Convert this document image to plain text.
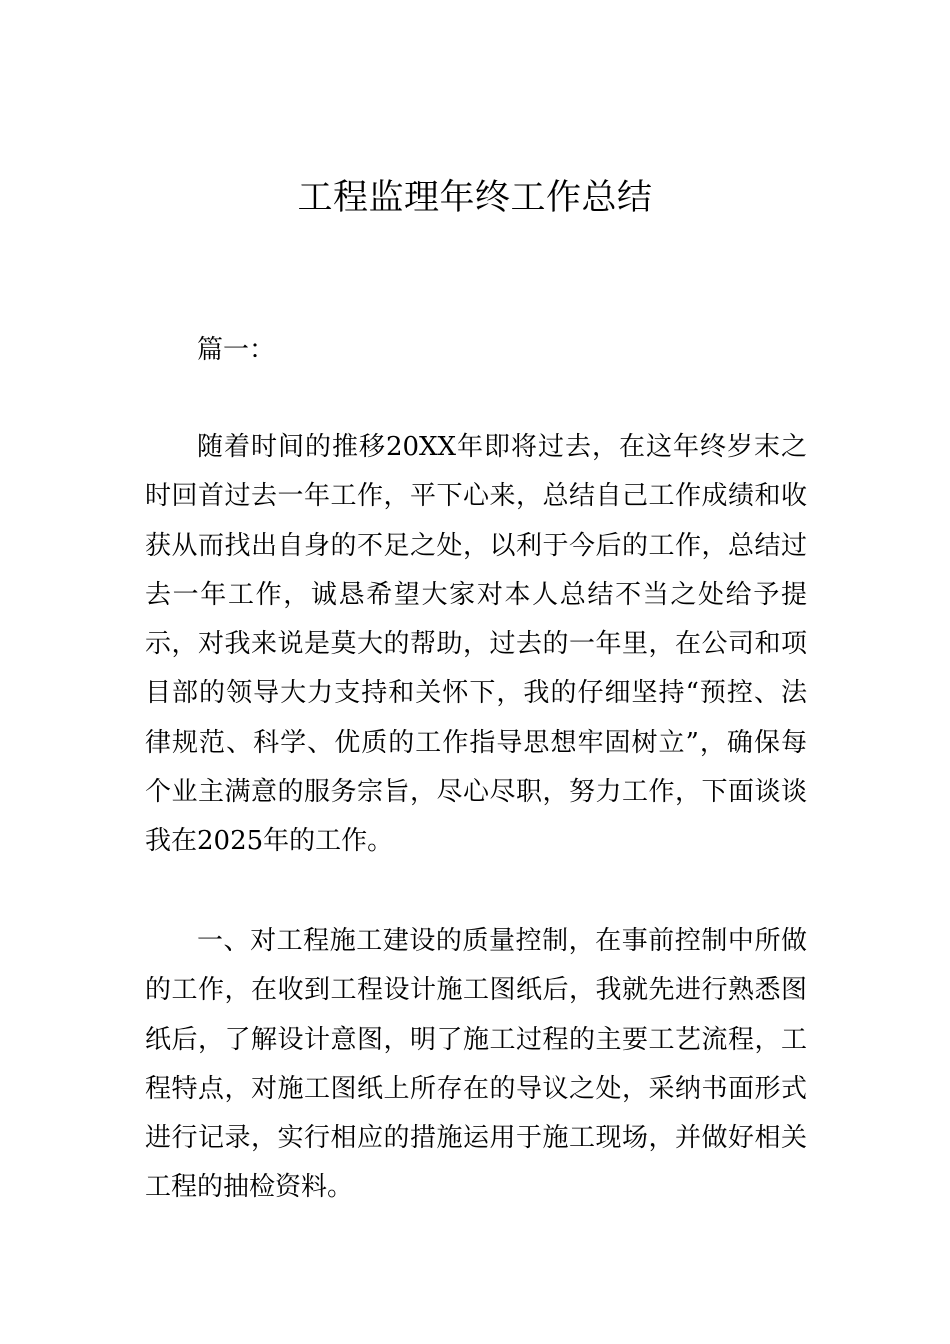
工程监理年终工作总结

篇一：

随着时间的推移20XX年即将过去，在这年终岁末之时回首过去一年工作，平下心来，总结自己工作成绩和收获从而找出自身的不足之处，以利于今后的工作，总结过去一年工作，诚恳希望大家对本人总结不当之处给予提示，对我来说是莫大的帮助，过去的一年里，在公司和项目部的领导大力支持和关怀下，我的仔细坚持“预控、法律规范、科学、优质的工作指导思想牢固树立”，确保每个业主满意的服务宗旨，尽心尽职，努力工作，下面谈谈我在2025年的工作。

一、对工程施工建设的质量控制，在事前控制中所做的工作，在收到工程设计施工图纸后，我就先进行熟悉图纸后，了解设计意图，明了施工过程的主要工艺流程，工程特点，对施工图纸上所存在的导议之处，采纳书面形式进行记录，实行相应的措施运用于施工现场，并做好相关工程的抽检资料。
